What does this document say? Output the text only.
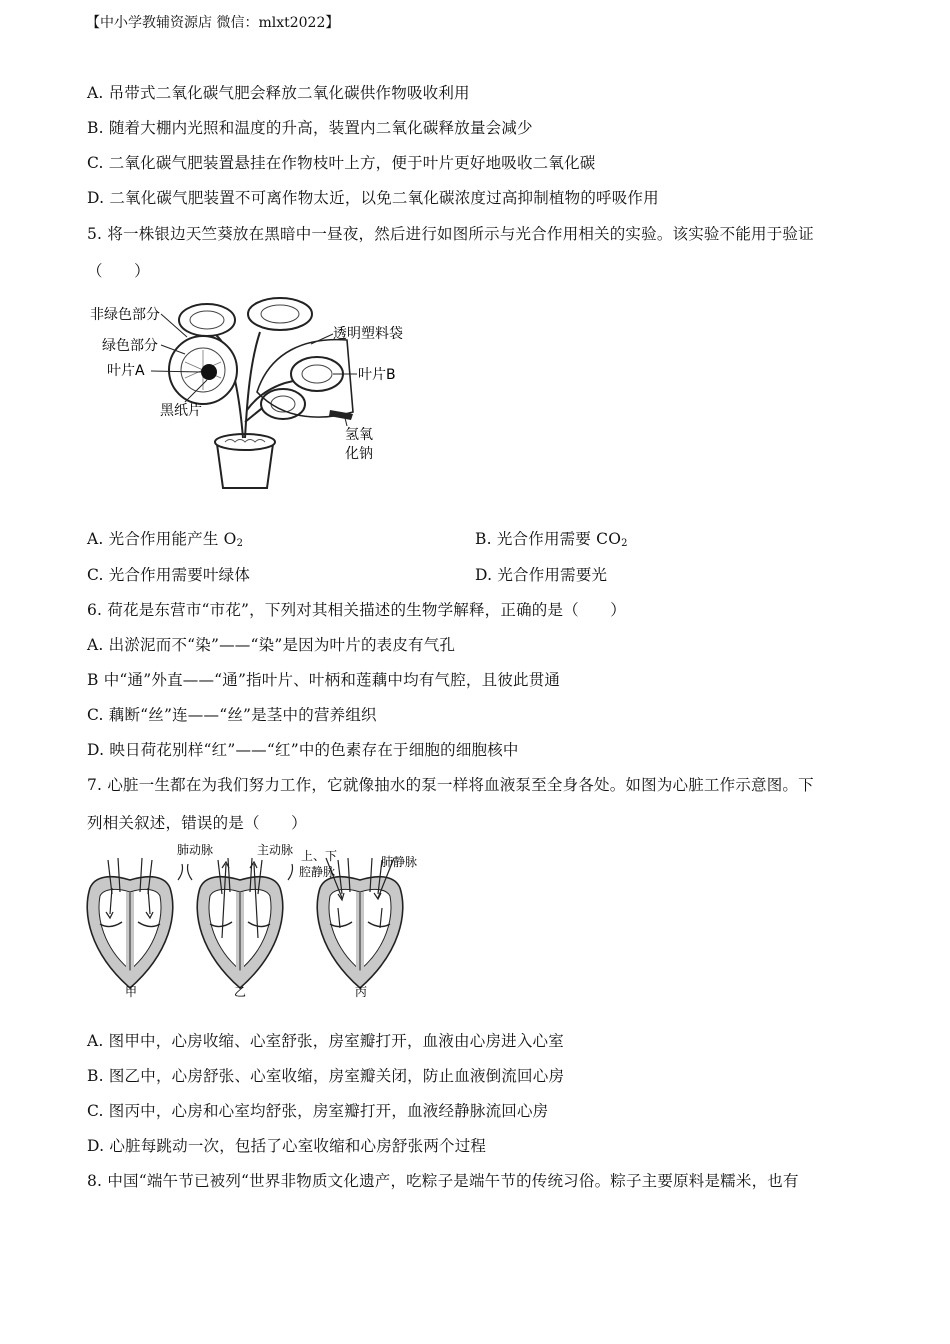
【中小学教辅资源店 微信：mlxt2022】
A. 吊带式二氧化碳气肥会释放二氧化碳供作物吸收利用
B. 随着大棚内光照和温度的升高，装置内二氧化碳释放量会减少
C. 二氧化碳气肥装置悬挂在作物枝叶上方，便于叶片更好地吸收二氧化碳
D. 二氧化碳气肥装置不可离作物太近，以免二氧化碳浓度过高抑制植物的呼吸作用
5. 将一株银边天竺葵放在黑暗中一昼夜，然后进行如图所示与光合作用相关的实验。该实验不能用于验证
（　　）
非绿色部分
绿色部分
叶片A
黑纸片
透明塑料袋
叶片B
氢氧
化钠
A. 光合作用能产生 $O_2$	B. 光合作用需要 $CO_2$
C. 光合作用需要叶绿体	D. 光合作用需要光
6. 荷花是东营市“市花”，下列对其相关描述的生物学解释，正确的是（　　）
A. 出淤泥而不“染”——“染”是因为叶片的表皮有气孔
B 中“通”外直——“通”指叶片、叶柄和莲藕中均有气腔，且彼此贯通
C. 藕断“丝”连——“丝”是茎中的营养组织
D. 映日荷花别样“红”——“红”中的色素存在于细胞的细胞核中
7. 心脏一生都在为我们努力工作，它就像抽水的泵一样将血液泵至全身各处。如图为心脏工作示意图。下
列相关叙述，错误的是（　　）
肺动脉	主动脉 上、下
腔静脉
肺静脉
甲	乙	丙
A. 图甲中，心房收缩、心室舒张，房室瓣打开，血液由心房进入心室
B. 图乙中，心房舒张、心室收缩，房室瓣关闭，防止血液倒流回心房
C. 图丙中，心房和心室均舒张，房室瓣打开，血液经静脉流回心房
D. 心脏每跳动一次，包括了心室收缩和心房舒张两个过程
8. 中国“端午节已被列“世界非物质文化遗产，吃粽子是端午节的传统习俗。粽子主要原料是糯米，也有
